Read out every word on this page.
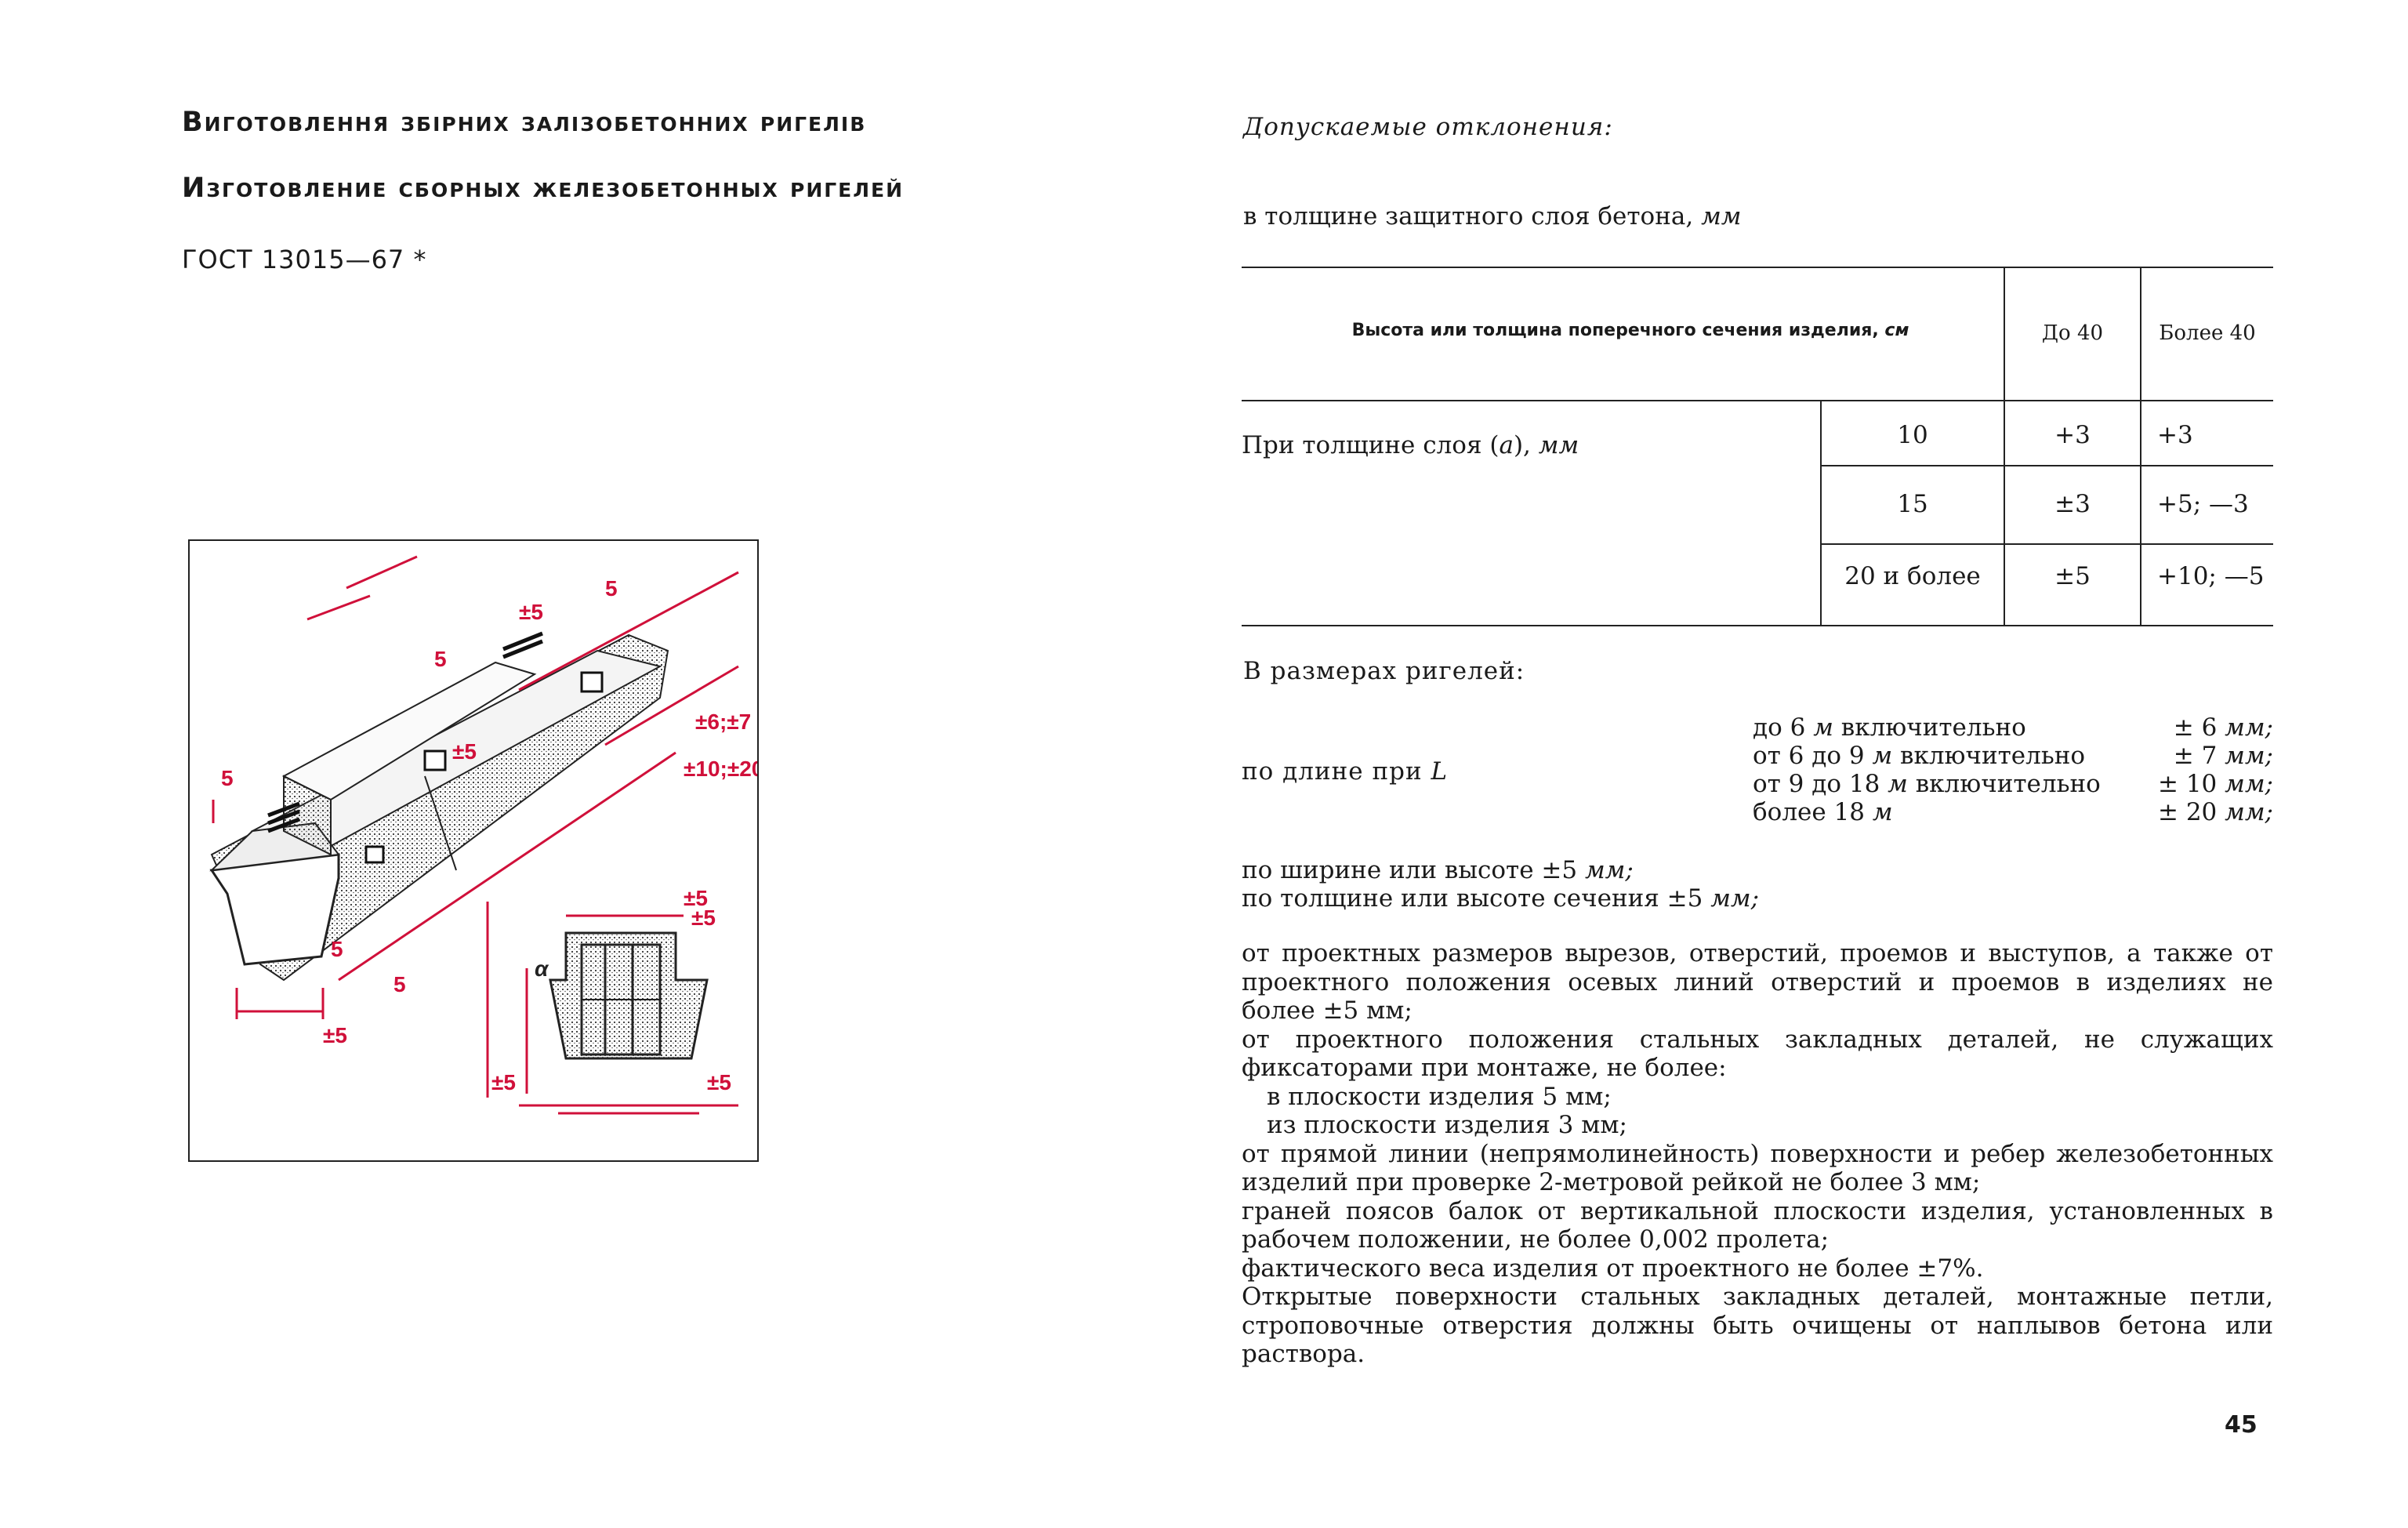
Виготовлення збірних залізобетонних ригелів
Изготовление сборных железобетонных ригелей
ГОСТ 13015—67 *
5
5
±5
5
±5
±6;±7
±10;±20
5
±5
5
±5
α
±5	±5
±5
Допускаемые отклонения:
в толщине защитного слоя бетона, мм
Высота или толщина поперечного сечения изделия, см	До 40	Более 40
При толщине слоя (а), мм	10	+3	+3
15	±3	+5; —3
20 и более	±5	+10; —5
В размерах ригелей:
по длине при L
до 6 м включительно	± 6 мм;
от 6 до 9 м включительно	± 7 мм;
от 9 до 18 м включительно ± 10 мм;
более 18 м	± 20 мм;
по ширине или высоте ±5 мм;
по толщине или высоте сечения ±5 мм;
от проектных размеров вырезов, отверстий, проемов и выступов, а также от проектного положения осевых линий отверстий и проемов в изделиях не более ±5 мм;
от проектного положения стальных закладных деталей, не служащих фиксаторами при монтаже, не более:
в плоскости изделия 5 мм;
из плоскости изделия 3 мм;
от прямой линии (непрямолинейность) поверхности и ребер железобетонных изделий при проверке 2-метровой рейкой не более 3 мм;
граней поясов балок от вертикальной плоскости изделия, установленных в рабочем положении, не более 0,002 пролета;
фактического веса изделия от проектного не более ±7%.
Открытые поверхности стальных закладных деталей, монтажные петли, строповочные отверстия должны быть очищены от наплывов бетона или раствора.
45
